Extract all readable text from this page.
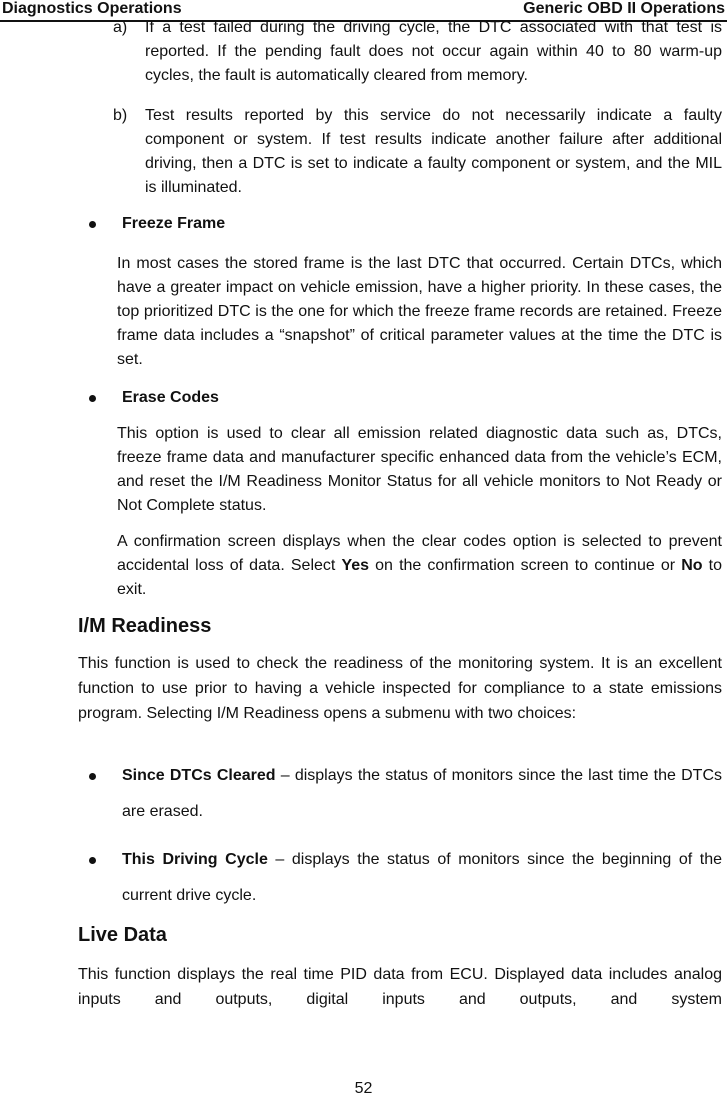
Diagnostics Operations	Generic OBD II Operations
a) If a test failed during the driving cycle, the DTC associated with that test is reported. If the pending fault does not occur again within 40 to 80 warm-up cycles, the fault is automatically cleared from memory.

b) Test results reported by this service do not necessarily indicate a faulty component or system. If test results indicate another failure after additional driving, then a DTC is set to indicate a faulty component or system, and the MIL is illuminated.

Freeze Frame

In most cases the stored frame is the last DTC that occurred. Certain DTCs, which have a greater impact on vehicle emission, have a higher priority. In these cases, the top prioritized DTC is the one for which the freeze frame records are retained. Freeze frame data includes a “snapshot” of critical parameter values at the time the DTC is set.

Erase Codes

This option is used to clear all emission related diagnostic data such as, DTCs, freeze frame data and manufacturer specific enhanced data from the vehicle’s ECM, and reset the I/M Readiness Monitor Status for all vehicle monitors to Not Ready or Not Complete status.

A confirmation screen displays when the clear codes option is selected to prevent accidental loss of data. Select Yes on the confirmation screen to continue or No to exit.

I/M Readiness

This function is used to check the readiness of the monitoring system. It is an excellent function to use prior to having a vehicle inspected for compliance to a state emissions program. Selecting I/M Readiness opens a submenu with two choices:

Since DTCs Cleared – displays the status of monitors since the last time the DTCs are erased.

This Driving Cycle – displays the status of monitors since the beginning of the current drive cycle.

Live Data

This function displays the real time PID data from ECU. Displayed data includes analog inputs and outputs, digital inputs and outputs, and system

52
